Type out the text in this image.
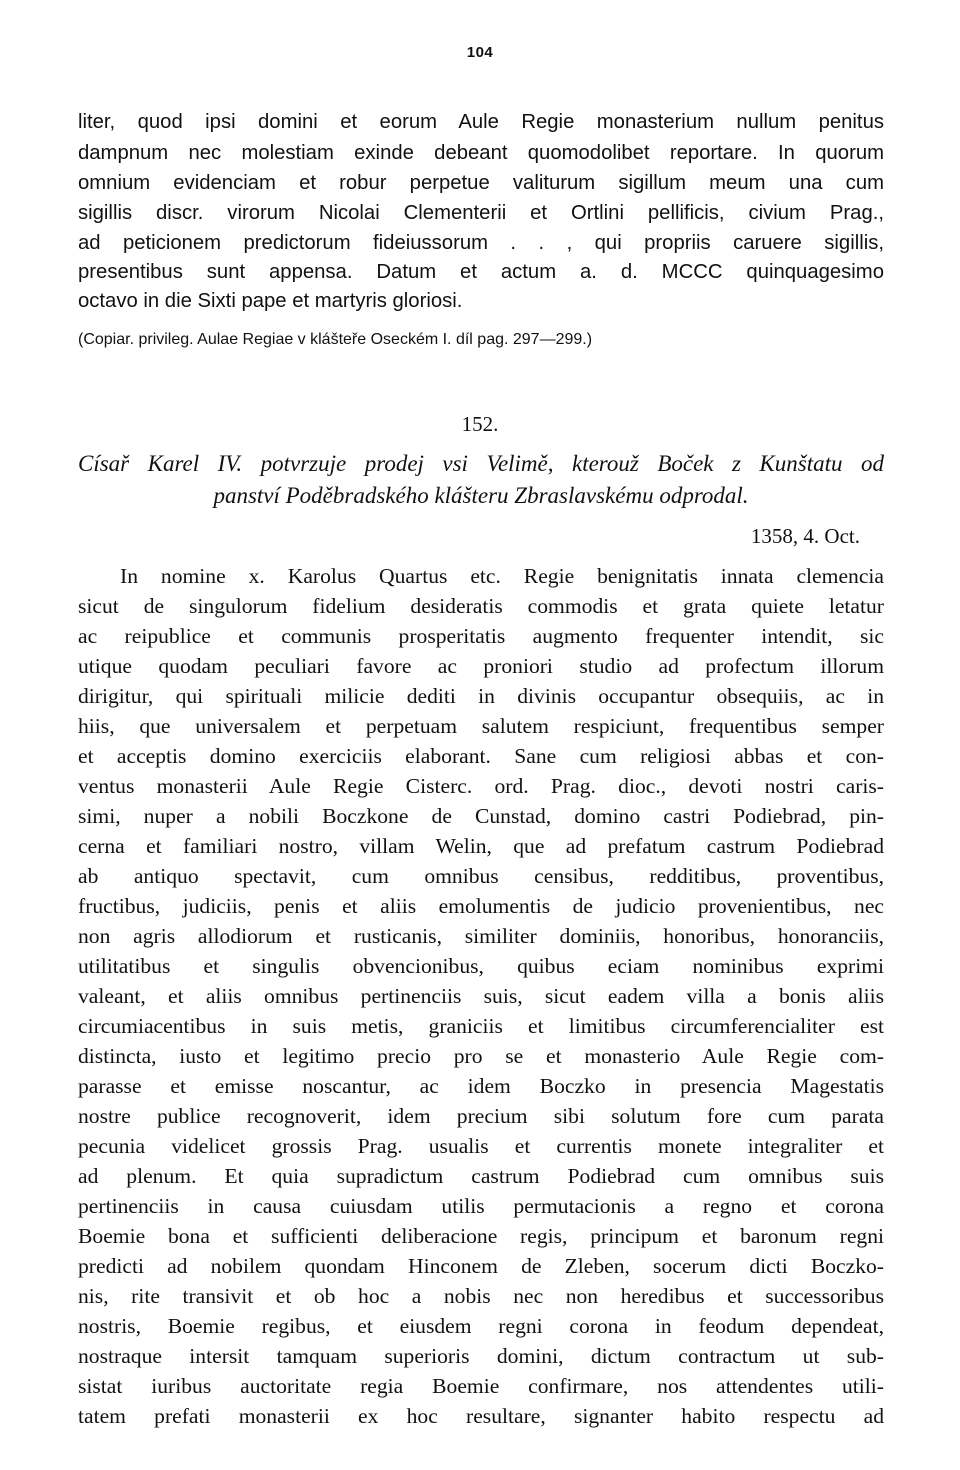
104
liter, quod ipsi domini et eorum Aule Regie monasterium nullum penitus
dampnum nec molestiam exinde debeant quomodolibet reportare. In quorum
omnium evidenciam et robur perpetue valiturum sigillum meum una cum
sigillis discr. virorum Nicolai Clementerii et Ortlini pellificis, civium Prag.,
ad peticionem predictorum fideiussorum . . , qui propriis caruere sigillis,
presentibus sunt appensa. Datum et actum a. d. MCCC quinquagesimo
octavo in die Sixti pape et martyris gloriosi.
(Copiar. privileg. Aulae Regiae v klášteře Oseckém I. díl pag. 297—299.)
152.
Císař Karel IV. potvrzuje prodej vsi Velimě, kterouž Boček z Kunštatu od
panství Poděbradského klášteru Zbraslavskému odprodal.
1358, 4. Oct.
In nomine x. Karolus Quartus etc. Regie benignitatis innata clemencia
sicut de singulorum fidelium desideratis commodis et grata quiete letatur
ac reipublice et communis prosperitatis augmento frequenter intendit, sic
utique quodam peculiari favore ac proniori studio ad profectum illorum
dirigitur, qui spirituali milicie dediti in divinis occupantur obsequiis, ac in
hiis, que universalem et perpetuam salutem respiciunt, frequentibus semper
et acceptis domino exerciciis elaborant. Sane cum religiosi abbas et con-
ventus monasterii Aule Regie Cisterc. ord. Prag. dioc., devoti nostri caris-
simi, nuper a nobili Boczkone de Cunstad, domino castri Podiebrad, pin-
cerna et familiari nostro, villam Welin, que ad prefatum castrum Podiebrad
ab antiquo spectavit, cum omnibus censibus, redditibus, proventibus,
fructibus, judiciis, penis et aliis emolumentis de judicio provenientibus, nec
non agris allodiorum et rusticanis, similiter dominiis, honoribus, honoranciis,
utilitatibus et singulis obvencionibus, quibus eciam nominibus exprimi
valeant, et aliis omnibus pertinenciis suis, sicut eadem villa a bonis aliis
circumiacentibus in suis metis, graniciis et limitibus circumferencialiter est
distincta, iusto et legitimo precio pro se et monasterio Aule Regie com-
parasse et emisse noscantur, ac idem Boczko in presencia Magestatis
nostre publice recognoverit, idem precium sibi solutum fore cum parata
pecunia videlicet grossis Prag. usualis et currentis monete integraliter et
ad plenum. Et quia supradictum castrum Podiebrad cum omnibus suis
pertinenciis in causa cuiusdam utilis permutacionis a regno et corona
Boemie bona et sufficienti deliberacione regis, principum et baronum regni
predicti ad nobilem quondam Hinconem de Zleben, socerum dicti Boczko-
nis, rite transivit et ob hoc a nobis nec non heredibus et successoribus
nostris, Boemie regibus, et eiusdem regni corona in feodum dependeat,
nostraque intersit tamquam superioris domini, dictum contractum ut sub-
sistat iuribus auctoritate regia Boemie confirmare, nos attendentes utili-
tatem prefati monasterii ex hoc resultare, signanter habito respectu ad
